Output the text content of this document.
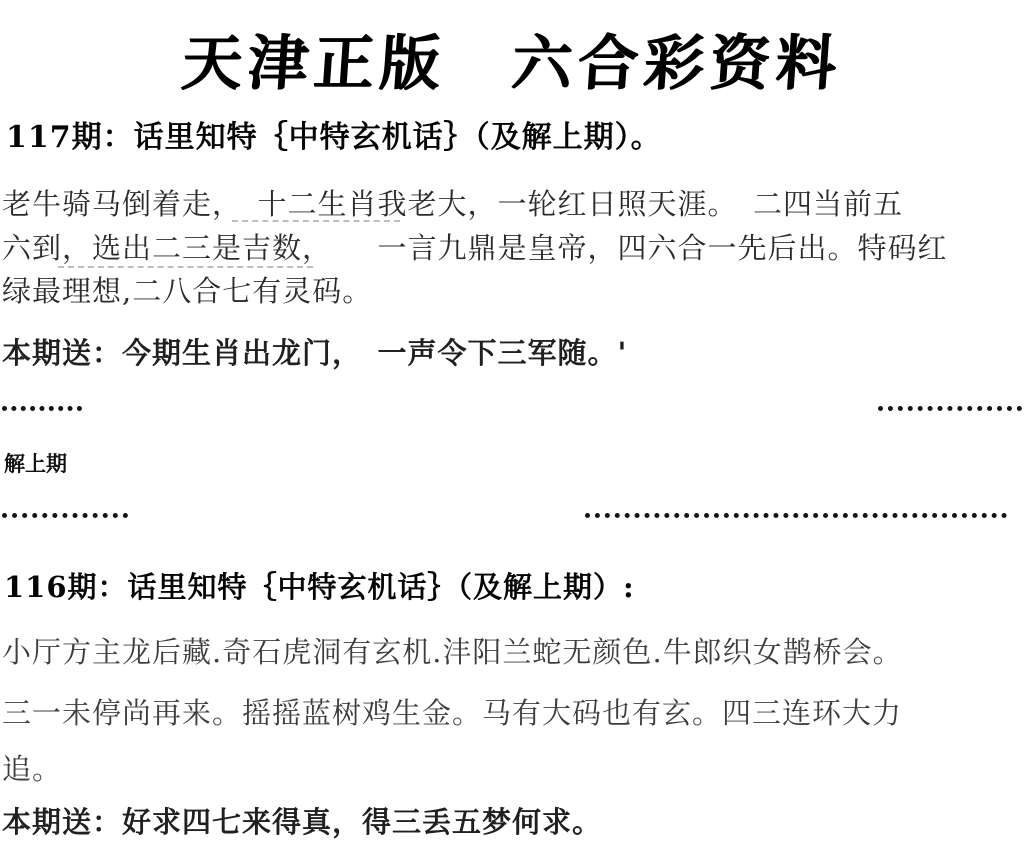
天津正版　六合彩资料
117期：话里知特｛中特玄机话｝（及解上期）。
老牛骑马倒着走，　十二生肖我老大，一轮红日照天涯。　二四当前五
六到，选出二三是吉数，　　一言九鼎是皇帝，四六合一先后出。特码红
绿最理想,二八合七有灵码。
本期送：今期生肖出龙门，　一声令下三军随。'
解上期
116期：话里知特｛中特玄机话｝（及解上期）:
小厅方主龙后藏.奇石虎洞有玄机.沣阳兰蛇无颜色.牛郎织女鹊桥会。
三一未停尚再来。摇摇蓝树鸡生金。马有大码也有玄。四三连环大力
追。
本期送：好求四七来得真，得三丢五梦何求。
